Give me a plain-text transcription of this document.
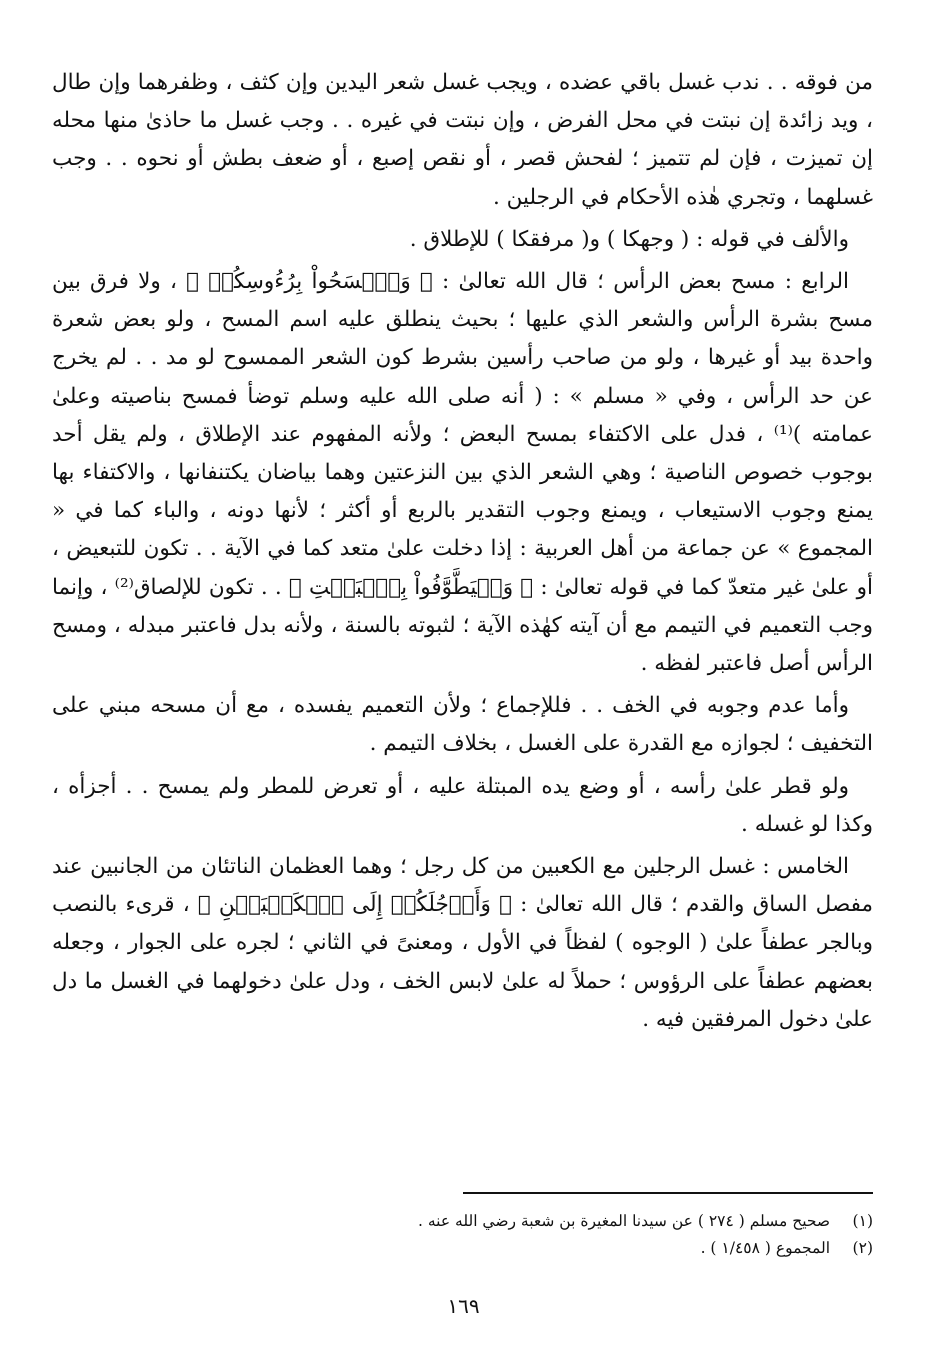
من فوقه . . ندب غسل باقي عضده ، ويجب غسل شعر اليدين وإن كثف ، وظفرهما وإن طال ، ويد زائدة إن نبتت في محل الفرض ، وإن نبتت في غيره . . وجب غسل ما حاذىٰ منها محله إن تميزت ، فإن لم تتميز ؛ لفحش قصر ، أو نقص إصبع ، أو ضعف بطش أو نحوه . . وجب غسلهما ، وتجري هٰذه الأحكام في الرجلين .

والألف في قوله : ( وجهكا ) و( مرفقكا ) للإطلاق .

الرابع : مسح بعض الرأس ؛ قال الله تعالىٰ : ﴿ وَٱمۡسَحُواْ بِرُءُوسِكُمۡ ﴾ ، ولا فرق بين مسح بشرة الرأس والشعر الذي عليها ؛ بحيث ينطلق عليه اسم المسح ، ولو بعض شعرة واحدة بيد أو غيرها ، ولو من صاحب رأسين بشرط كون الشعر الممسوح لو مد . . لم يخرج عن حد الرأس ، وفي « مسلم » : ( أنه صلى الله عليه وسلم توضأ فمسح بناصيته وعلىٰ عمامته )⁽¹⁾ ، فدل على الاكتفاء بمسح البعض ؛ ولأنه المفهوم عند الإطلاق ، ولم يقل أحد بوجوب خصوص الناصية ؛ وهي الشعر الذي بين النزعتين وهما بياضان يكتنفانها ، والاكتفاء بها يمنع وجوب الاستيعاب ، ويمنع وجوب التقدير بالربع أو أكثر ؛ لأنها دونه ، والباء كما في « المجموع » عن جماعة من أهل العربية : إذا دخلت علىٰ متعد كما في الآية . . تكون للتبعيض ، أو علىٰ غير متعدّ كما في قوله تعالىٰ : ﴿ وَلۡيَطَّوَّفُواْ بِٱلۡبَيۡتِ ﴾ . . تكون للإلصاق⁽²⁾ ، وإنما وجب التعميم في التيمم مع أن آيته كهٰذه الآية ؛ لثبوته بالسنة ، ولأنه بدل فاعتبر مبدله ، ومسح الرأس أصل فاعتبر لفظه .

وأما عدم وجوبه في الخف . . فللإجماع ؛ ولأن التعميم يفسده ، مع أن مسحه مبني على التخفيف ؛ لجوازه مع القدرة على الغسل ، بخلاف التيمم .

ولو قطر علىٰ رأسه ، أو وضع يده المبتلة عليه ، أو تعرض للمطر ولم يمسح . . أجزأه ، وكذا لو غسله .

الخامس : غسل الرجلين مع الكعبين من كل رجل ؛ وهما العظمان الناتئان من الجانبين عند مفصل الساق والقدم ؛ قال الله تعالىٰ : ﴿ وَأَرۡجُلَكُمۡ إِلَى ٱلۡكَعۡبَيۡنِ ﴾ ، قرىء بالنصب وبالجر عطفاً علىٰ ( الوجوه ) لفظاً في الأول ، ومعنىً في الثاني ؛ لجره على الجوار ، وجعله بعضهم عطفاً على الرؤوس ؛ حملاً له علىٰ لابس الخف ، ودل علىٰ دخولهما في الغسل ما دل علىٰ دخول المرفقين فيه .

(١) صحيح مسلم ( ٢٧٤ ) عن سيدنا المغيرة بن شعبة رضي الله عنه .
(٢) المجموع ( ١/٤٥٨ ) .
١٦٩
